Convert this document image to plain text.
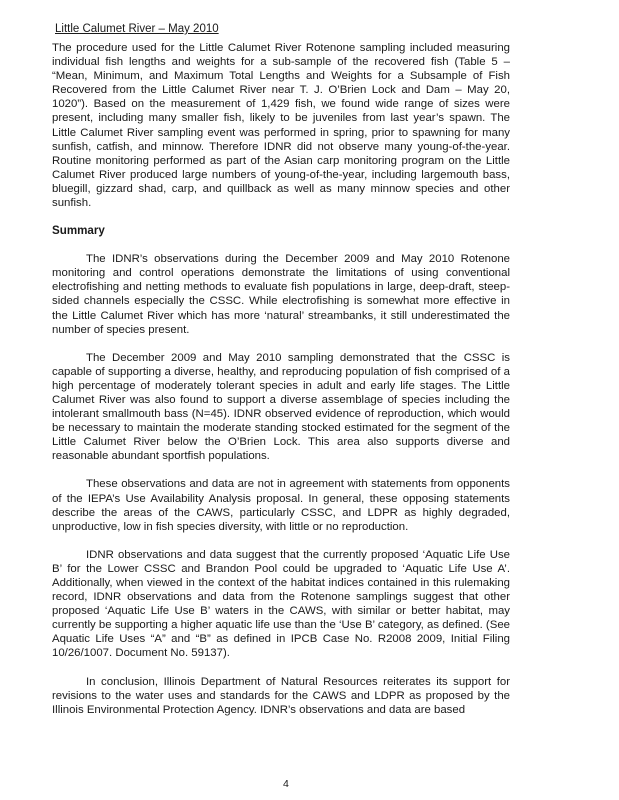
Little Calumet River – May 2010

The procedure used for the Little Calumet River Rotenone sampling included measuring individual fish lengths and weights for a sub-sample of the recovered fish (Table 5 – “Mean, Minimum, and Maximum Total Lengths and Weights for a Subsample of Fish Recovered from the Little Calumet River near T. J. O’Brien Lock and Dam – May 20, 1020”). Based on the measurement of 1,429 fish, we found wide range of sizes were present, including many smaller fish, likely to be juveniles from last year’s spawn. The Little Calumet River sampling event was performed in spring, prior to spawning for many sunfish, catfish, and minnow. Therefore IDNR did not observe many young-of-the-year. Routine monitoring performed as part of the Asian carp monitoring program on the Little Calumet River produced large numbers of young-of-the-year, including largemouth bass, bluegill, gizzard shad, carp, and quillback as well as many minnow species and other sunfish.

Summary

The IDNR’s observations during the December 2009 and May 2010 Rotenone monitoring and control operations demonstrate the limitations of using conventional electrofishing and netting methods to evaluate fish populations in large, deep-draft, steep-sided channels especially the CSSC. While electrofishing is somewhat more effective in the Little Calumet River which has more ‘natural’ streambanks, it still underestimated the number of species present.

The December 2009 and May 2010 sampling demonstrated that the CSSC is capable of supporting a diverse, healthy, and reproducing population of fish comprised of a high percentage of moderately tolerant species in adult and early life stages. The Little Calumet River was also found to support a diverse assemblage of species including the intolerant smallmouth bass (N=45). IDNR observed evidence of reproduction, which would be necessary to maintain the moderate standing stocked estimated for the segment of the Little Calumet River below the O’Brien Lock. This area also supports diverse and reasonable abundant sportfish populations.

These observations and data are not in agreement with statements from opponents of the IEPA’s Use Availability Analysis proposal. In general, these opposing statements describe the areas of the CAWS, particularly CSSC, and LDPR as highly degraded, unproductive, low in fish species diversity, with little or no reproduction.

IDNR observations and data suggest that the currently proposed ‘Aquatic Life Use B’ for the Lower CSSC and Brandon Pool could be upgraded to ‘Aquatic Life Use A’. Additionally, when viewed in the context of the habitat indices contained in this rulemaking record, IDNR observations and data from the Rotenone samplings suggest that other proposed ‘Aquatic Life Use B’ waters in the CAWS, with similar or better habitat, may currently be supporting a higher aquatic life use than the ‘Use B’ category, as defined. (See Aquatic Life Uses “A” and “B” as defined in IPCB Case No. R2008 2009, Initial Filing 10/26/1007. Document No. 59137).

In conclusion, Illinois Department of Natural Resources reiterates its support for revisions to the water uses and standards for the CAWS and LDPR as proposed by the Illinois Environmental Protection Agency. IDNR’s observations and data are based

4
